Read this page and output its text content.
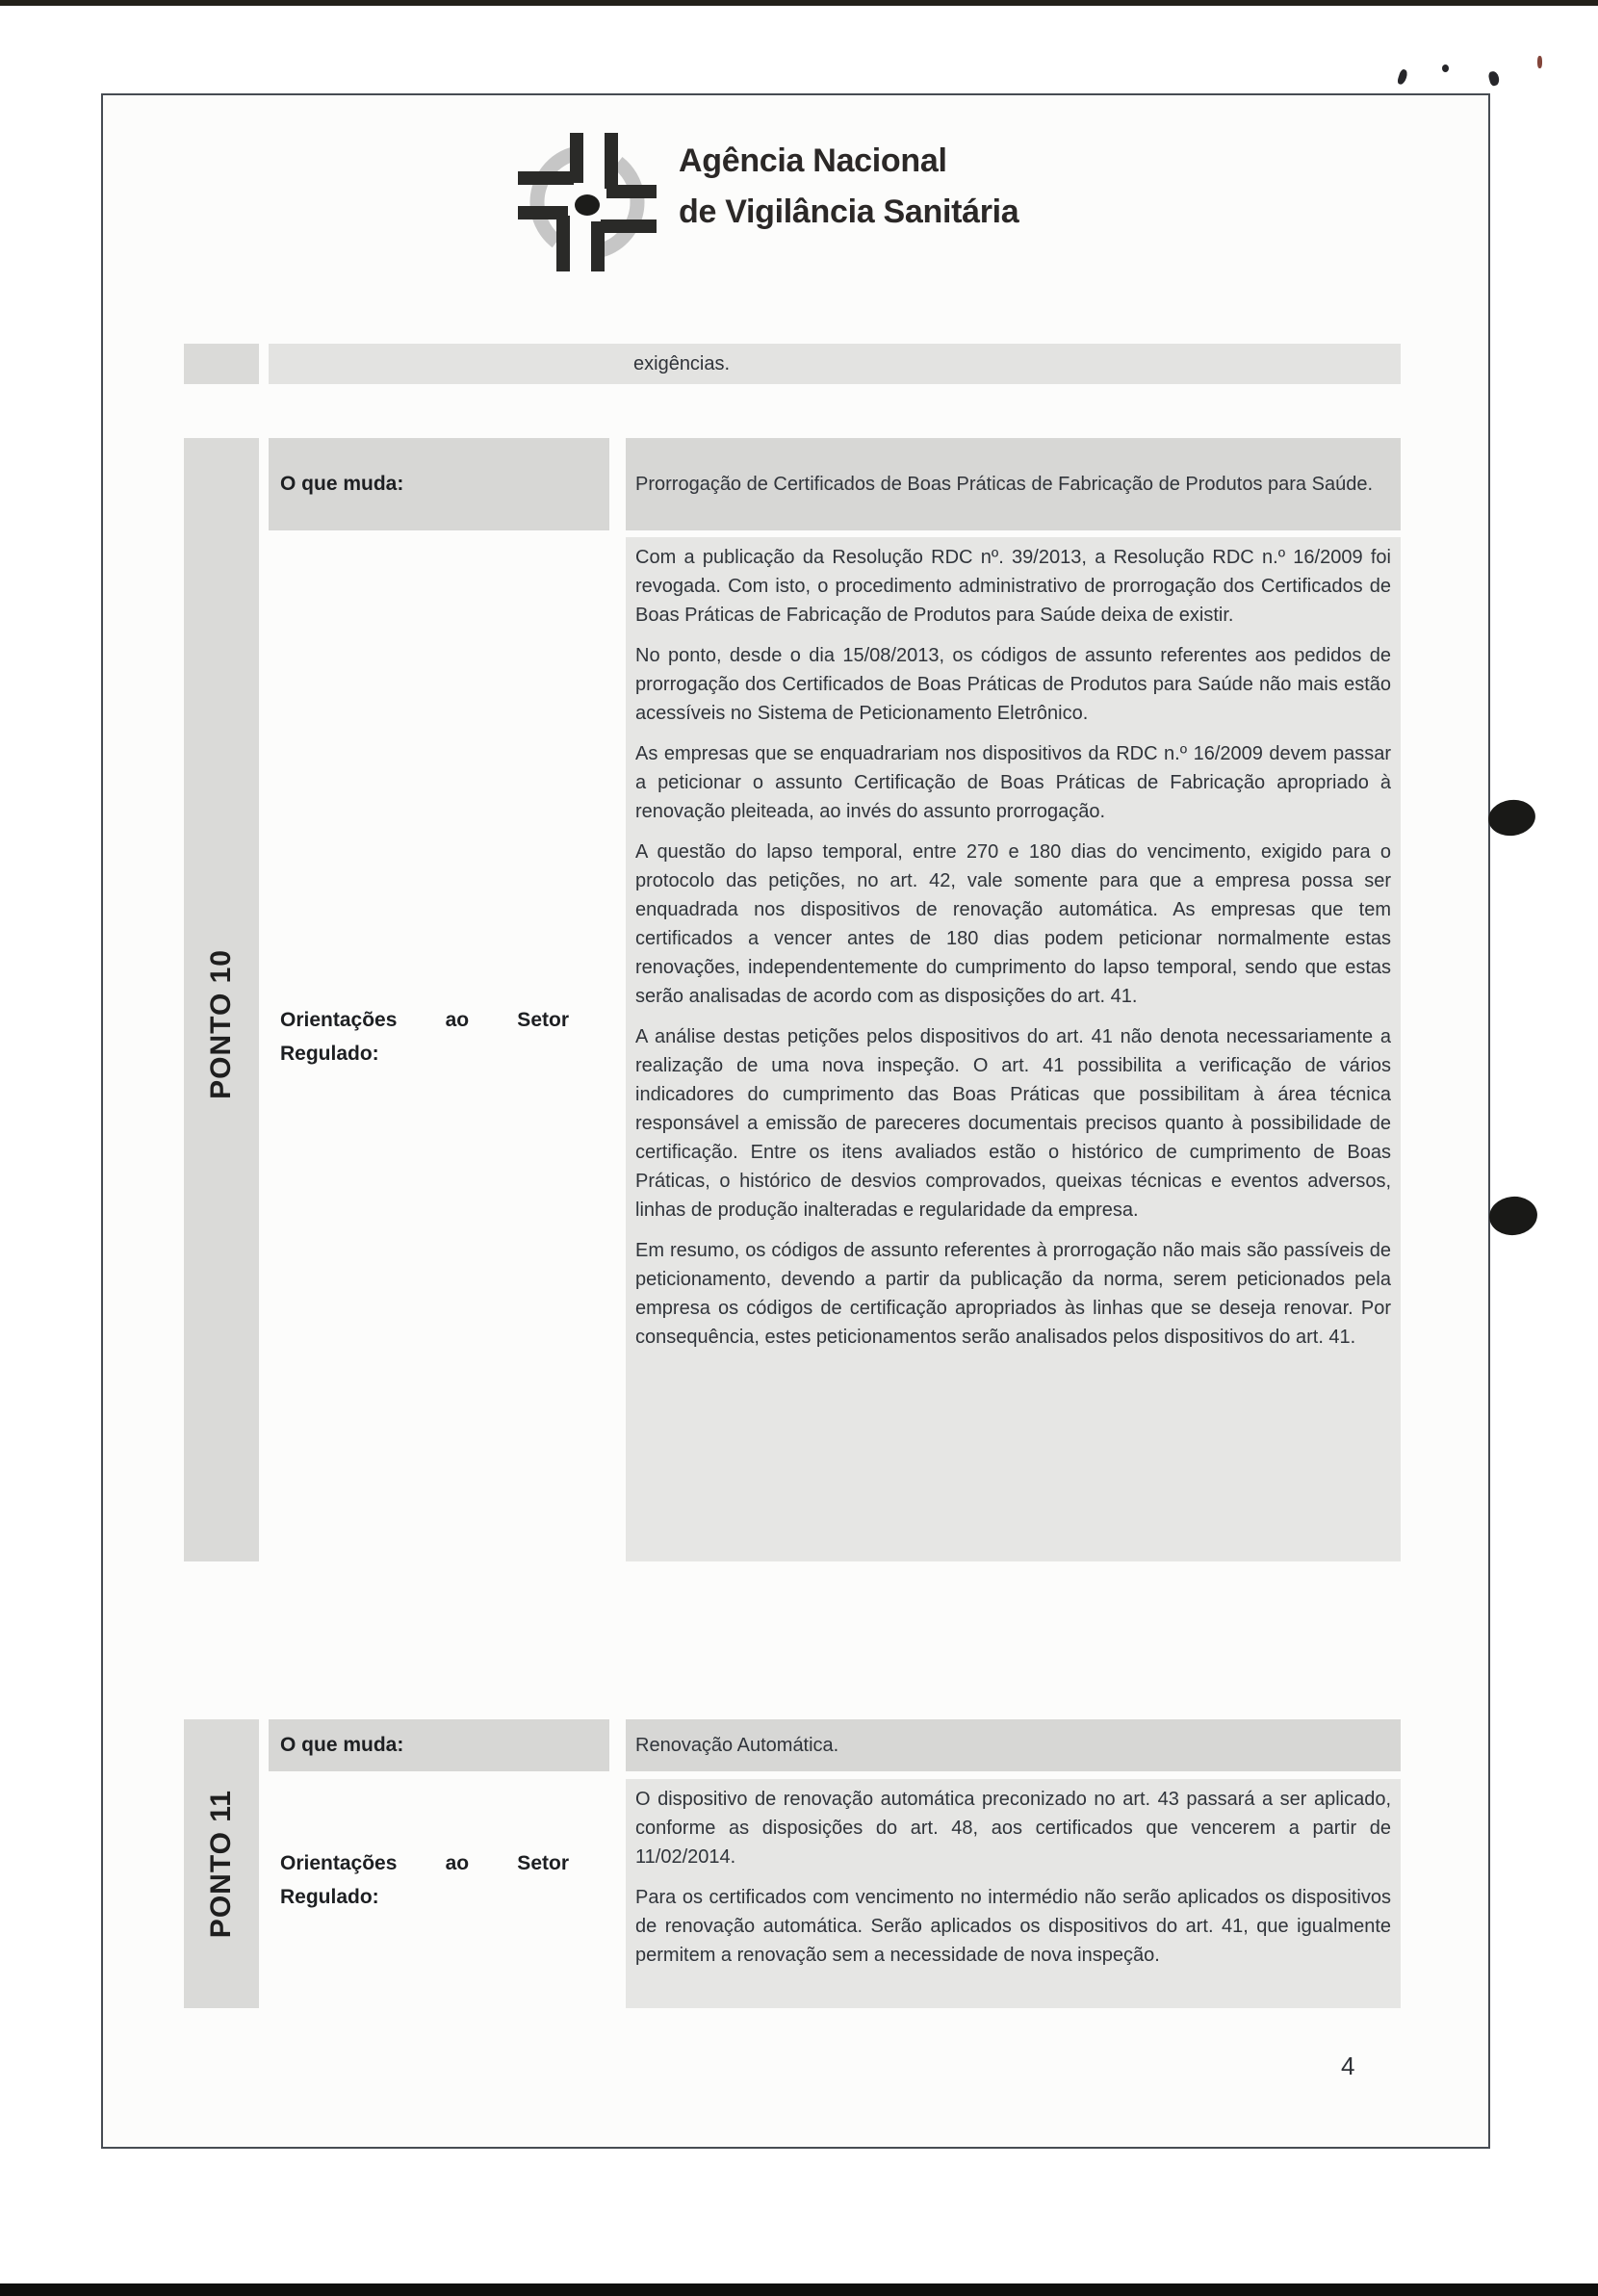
Agência Nacional
de Vigilância Sanitária
exigências.
PONTO 10
O que muda:	Prorrogação de Certificados de Boas Práticas de Fabricação de Produtos para Saúde.
Orientações ao Setor Regulado:

Com a publicação da Resolução RDC nº. 39/2013, a Resolução RDC n.º 16/2009 foi revogada. Com isto, o procedimento administrativo de prorrogação dos Certificados de Boas Práticas de Fabricação de Produtos para Saúde deixa de existir.

No ponto, desde o dia 15/08/2013, os códigos de assunto referentes aos pedidos de prorrogação dos Certificados de Boas Práticas de Produtos para Saúde não mais estão acessíveis no Sistema de Peticionamento Eletrônico.

As empresas que se enquadrariam nos dispositivos da RDC n.º 16/2009 devem passar a peticionar o assunto Certificação de Boas Práticas de Fabricação apropriado à renovação pleiteada, ao invés do assunto prorrogação.

A questão do lapso temporal, entre 270 e 180 dias do vencimento, exigido para o protocolo das petições, no art. 42, vale somente para que a empresa possa ser enquadrada nos dispositivos de renovação automática. As empresas que tem certificados a vencer antes de 180 dias podem peticionar normalmente estas renovações, independentemente do cumprimento do lapso temporal, sendo que estas serão analisadas de acordo com as disposições do art. 41.

A análise destas petições pelos dispositivos do art. 41 não denota necessariamente a realização de uma nova inspeção. O art. 41 possibilita a verificação de vários indicadores do cumprimento das Boas Práticas que possibilitam à área técnica responsável a emissão de pareceres documentais precisos quanto à possibilidade de certificação. Entre os itens avaliados estão o histórico de cumprimento de Boas Práticas, o histórico de desvios comprovados, queixas técnicas e eventos adversos, linhas de produção inalteradas e regularidade da empresa.

Em resumo, os códigos de assunto referentes à prorrogação não mais são passíveis de peticionamento, devendo a partir da publicação da norma, serem peticionados pela empresa os códigos de certificação apropriados às linhas que se deseja renovar. Por consequência, estes peticionamentos serão analisados pelos dispositivos do art. 41.

PONTO 11
O que muda:	Renovação Automática.
Orientações ao Setor Regulado:

O dispositivo de renovação automática preconizado no art. 43 passará a ser aplicado, conforme as disposições do art. 48, aos certificados que vencerem a partir de 11/02/2014.

Para os certificados com vencimento no intermédio não serão aplicados os dispositivos de renovação automática. Serão aplicados os dispositivos do art. 41, que igualmente permitem a renovação sem a necessidade de nova inspeção.

4
